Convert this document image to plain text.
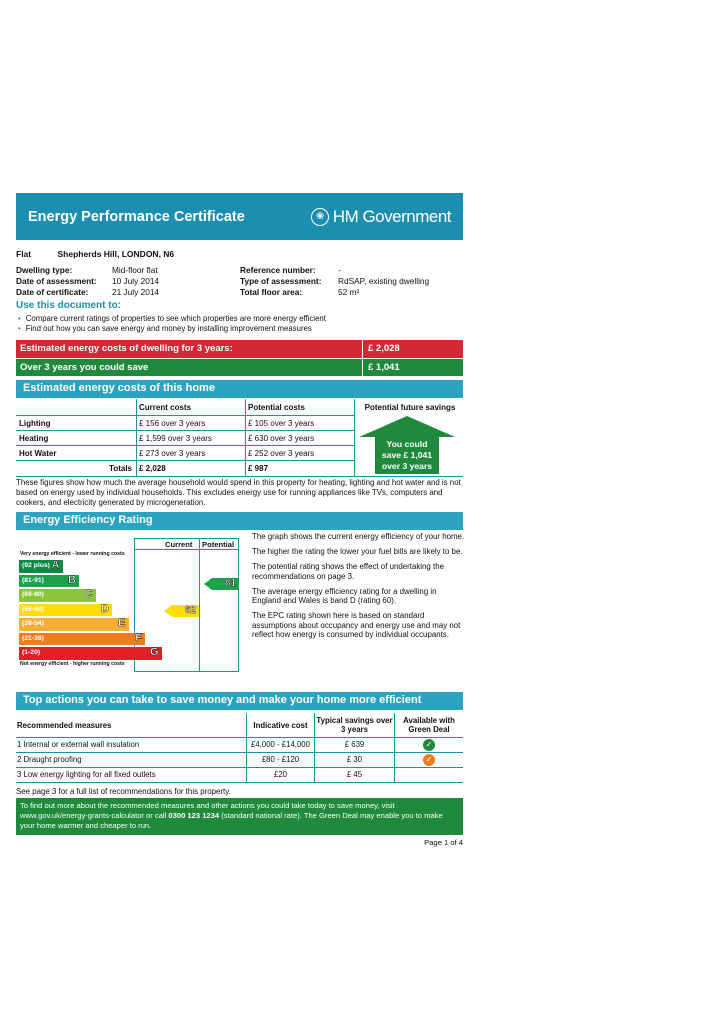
Energy Performance Certificate	❀ HM Government
Flat	Shepherds Hill, LONDON, N6
Dwelling type:	Mid-floor flat	Reference number:	-
Date of assessment:	10 July 2014	Type of assessment:	RdSAP, existing dwelling
Date of certificate:	21 July 2014	Total floor area:	52 m²
Use this document to:
• Compare current ratings of properties to see which properties are more energy efficient
• Find out how you can save energy and money by installing improvement measures
Estimated energy costs of dwelling for 3 years:	£ 2,028
Over 3 years you could save	£ 1,041
Estimated energy costs of this home
You could
save £ 1,041
over 3 years
Current costs	Potential costs	Potential future savings
Lighting	£ 156 over 3 years	£ 105 over 3 years
Heating	£ 1,599 over 3 years	£ 630 over 3 years
Hot Water	£ 273 over 3 years	£ 252 over 3 years
Totals £ 2,028	£ 987
These figures show how much the average household would spend in this property for heating, lighting and hot water and is not based on energy used by individual households. This excludes energy use for running appliances like TVs, computers and cookers, and electricity generated by microgeneration.
Energy Efficiency Rating
Current Potential
Very energy efficient - lower running costs
Not energy efficient - higher running costs
(92 plus) A
(81-91) B
(69-80)	C
(55-68)	D
(39-54)	E
(21-38)	F
(1-20)	G
62
81

The graph shows the current energy efficiency of your home.

The higher the rating the lower your fuel bills are likely to be.

The potential rating shows the effect of undertaking the recommendations on page 3.

The average energy efficiency rating for a dwelling in England and Wales is band D (rating 60).

The EPC rating shown here is based on standard assumptions about occupancy and energy use and may not reflect how energy is consumed by individual occupants.

Top actions you can take to save money and make your home more efficient
Recommended measures	Indicative cost	Typical savings over 3 years
Available with Green Deal
1 Internal or external wall insulation	£4,000 - £14,000	£ 639	✓
2 Draught proofing	£80 - £120	£ 30	✓
3 Low energy lighting for all fixed outlets	£20	£ 45
See page 3 for a full list of recommendations for this property.
To find out more about the recommended measures and other actions you could take today to save money, visit www.gov.uk/energy-grants-calculator or call 0300 123 1234 (standard national rate). The Green Deal may enable you to make your home warmer and cheaper to run.
Page 1 of 4
